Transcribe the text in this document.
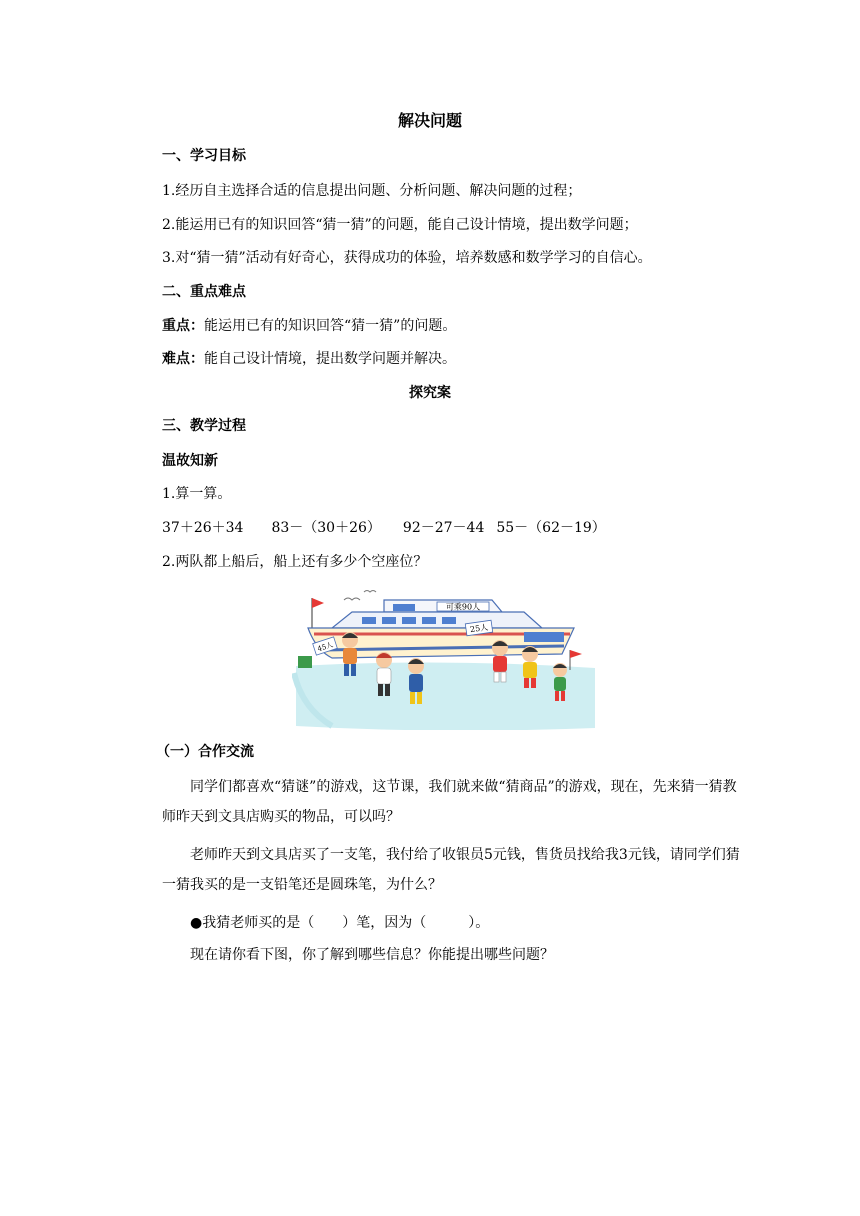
解决问题
一、学习目标
1.经历自主选择合适的信息提出问题、分析问题、解决问题的过程；
2.能运用已有的知识回答“猜一猜”的问题，能自己设计情境，提出数学问题；
3.对“猜一猜”活动有好奇心，获得成功的体验，培养数感和数学学习的自信心。
二、重点难点
重点：能运用已有的知识回答“猜一猜”的问题。
难点：能自己设计情境，提出数学问题并解决。
探究案
三、教学过程
温故知新
1.算一算。
37＋26＋34 83－（30＋26） 92－27－44 55－（62－19）
2.两队都上船后，船上还有多少个空座位？
可乘90人
25人
45人
（一）合作交流

同学们都喜欢“猜谜”的游戏，这节课，我们就来做“猜商品”的游戏，现在，先来猜一猜教师昨天到文具店购买的物品，可以吗？

老师昨天到文具店买了一支笔，我付给了收银员5元钱，售货员找给我3元钱，请同学们猜一猜我买的是一支铅笔还是圆珠笔，为什么？

●我猜老师买的是（　　）笔，因为（　　　）。

现在请你看下图，你了解到哪些信息？你能提出哪些问题？
